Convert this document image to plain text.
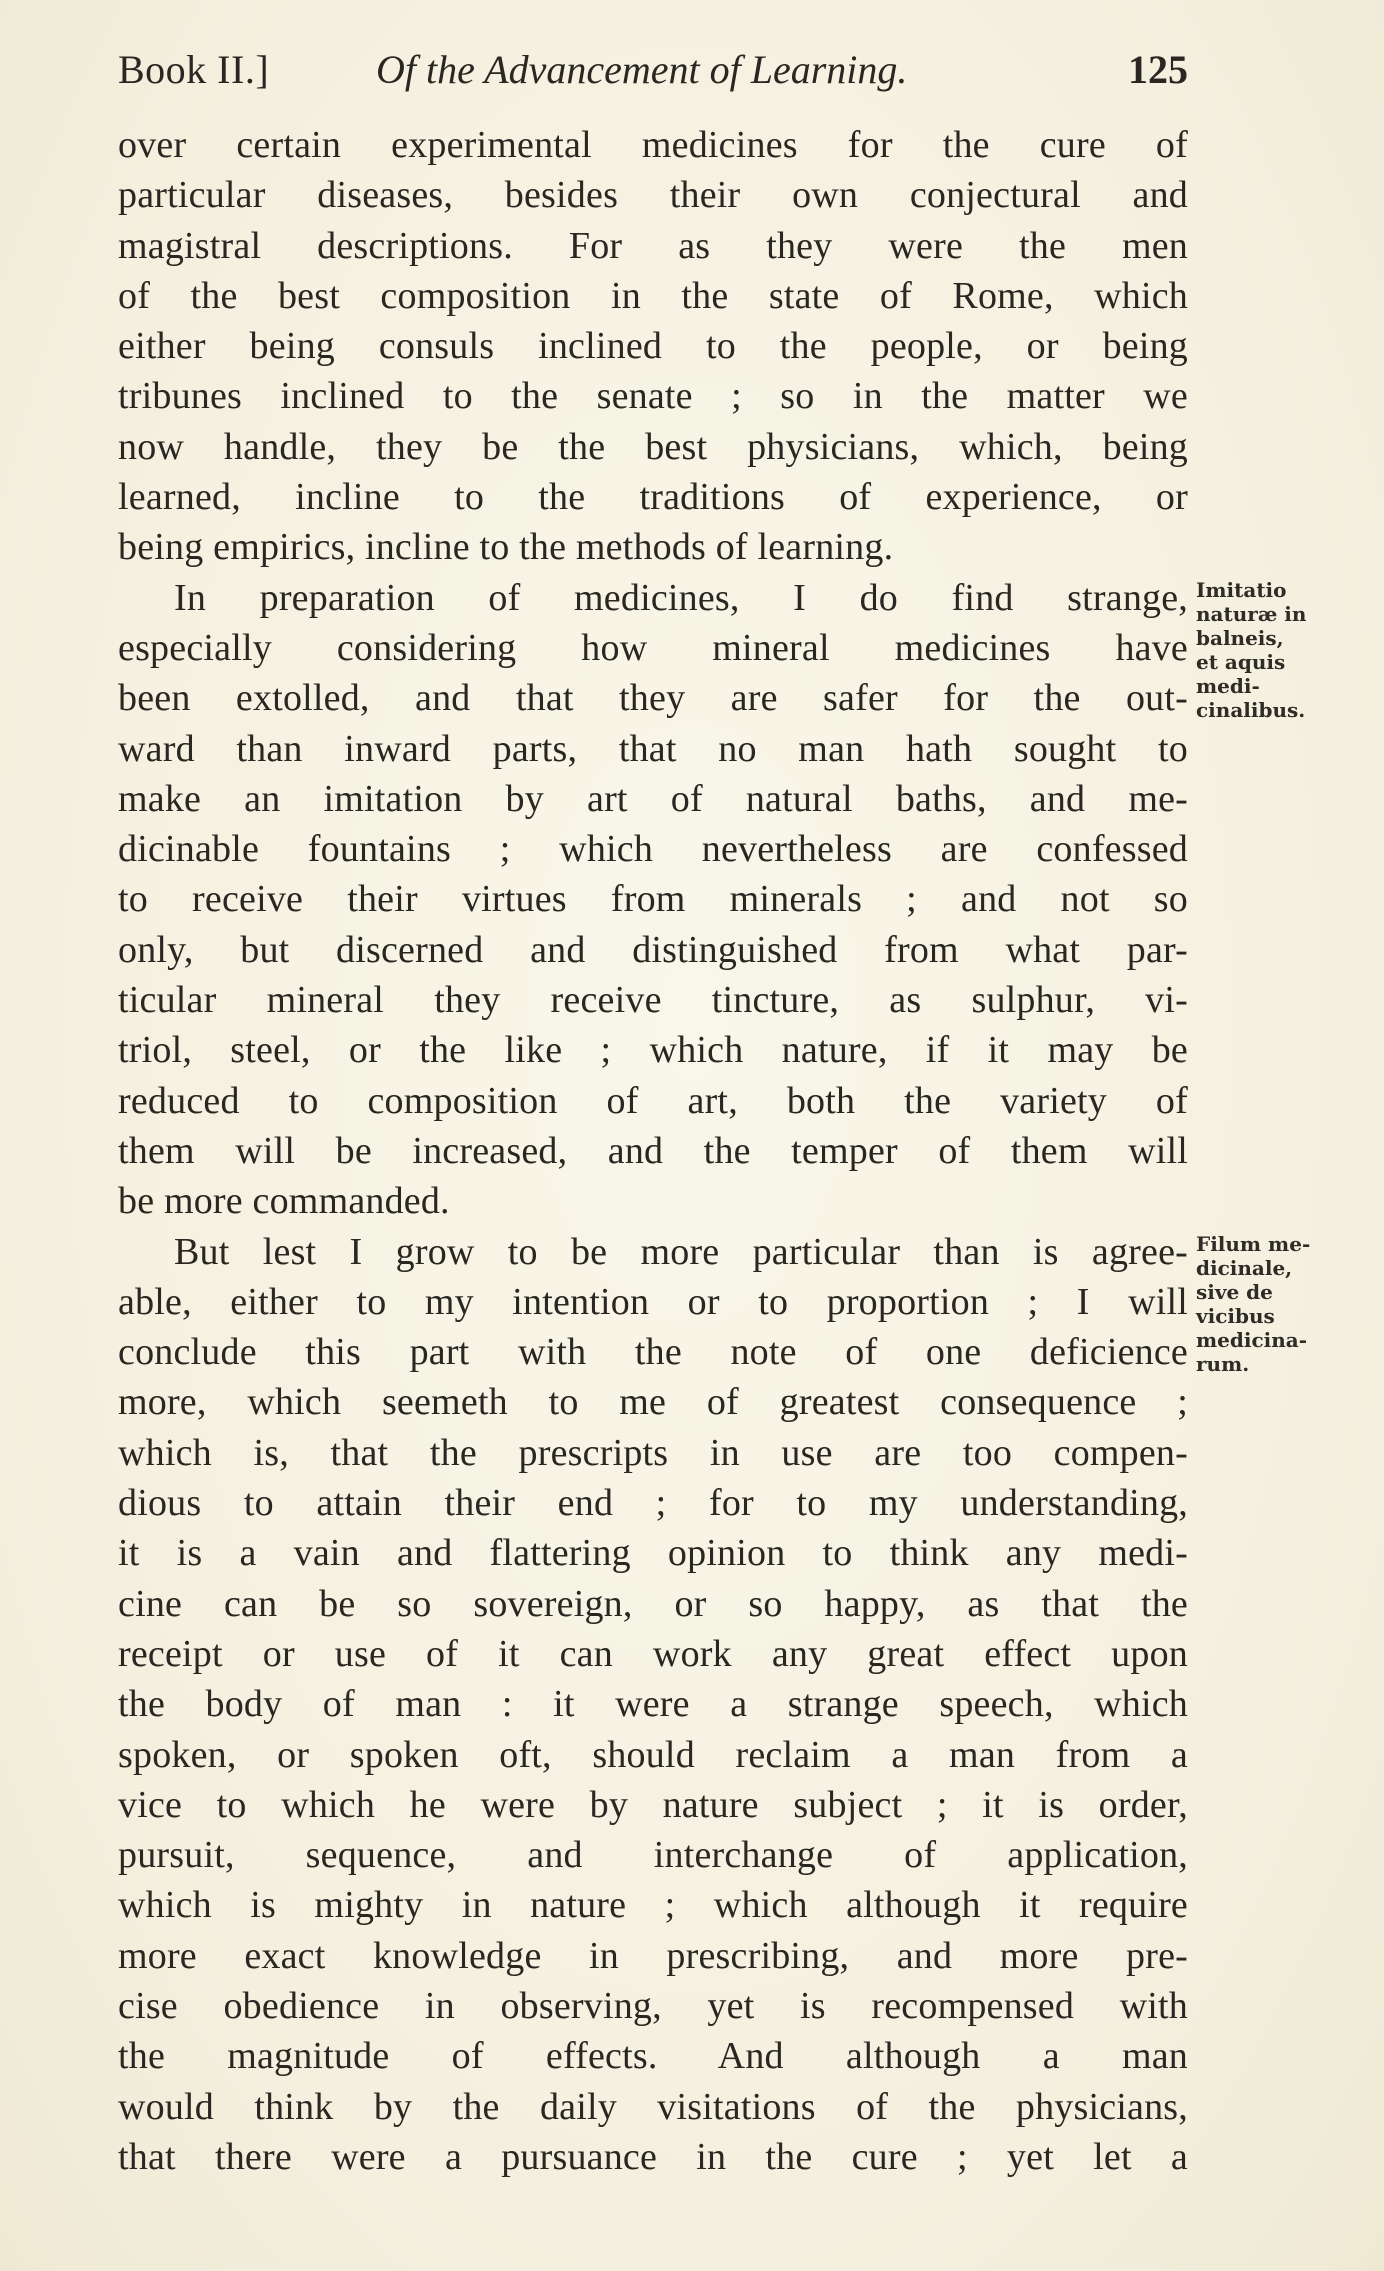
Book II.]	Of the Advancement of Learning.	125
over certain experimental medicines for the cure of
particular diseases, besides their own conjectural and
magistral descriptions. For as they were the men
of the best composition in the state of Rome, which
either being consuls inclined to the people, or being
tribunes inclined to the senate ; so in the matter we
now handle, they be the best physicians, which, being
learned, incline to the traditions of experience, or
being empirics, incline to the methods of learning.
In preparation of medicines, I do find strange,
especially considering how mineral medicines have
been extolled, and that they are safer for the out-
ward than inward parts, that no man hath sought to
make an imitation by art of natural baths, and me-
dicinable fountains ; which nevertheless are confessed
to receive their virtues from minerals ; and not so
only, but discerned and distinguished from what par-
ticular mineral they receive tincture, as sulphur, vi-
triol, steel, or the like ; which nature, if it may be
reduced to composition of art, both the variety of
them will be increased, and the temper of them will
be more commanded.
But lest I grow to be more particular than is agree-
able, either to my intention or to proportion ; I will
conclude this part with the note of one deficience
more, which seemeth to me of greatest consequence ;
which is, that the prescripts in use are too compen-
dious to attain their end ; for to my understanding,
it is a vain and flattering opinion to think any medi-
cine can be so sovereign, or so happy, as that the
receipt or use of it can work any great effect upon
the body of man : it were a strange speech, which
spoken, or spoken oft, should reclaim a man from a
vice to which he were by nature subject ; it is order,
pursuit, sequence, and interchange of application,
which is mighty in nature ; which although it require
more exact knowledge in prescribing, and more pre-
cise obedience in observing, yet is recompensed with
the magnitude of effects. And although a man
would think by the daily visitations of the physicians,
that there were a pursuance in the cure ; yet let a
Imitatio
naturæ in
balneis,
et aquis
medi-
cinalibus.
Filum me-
dicinale,
sive de
vicibus
medicina-
rum.
